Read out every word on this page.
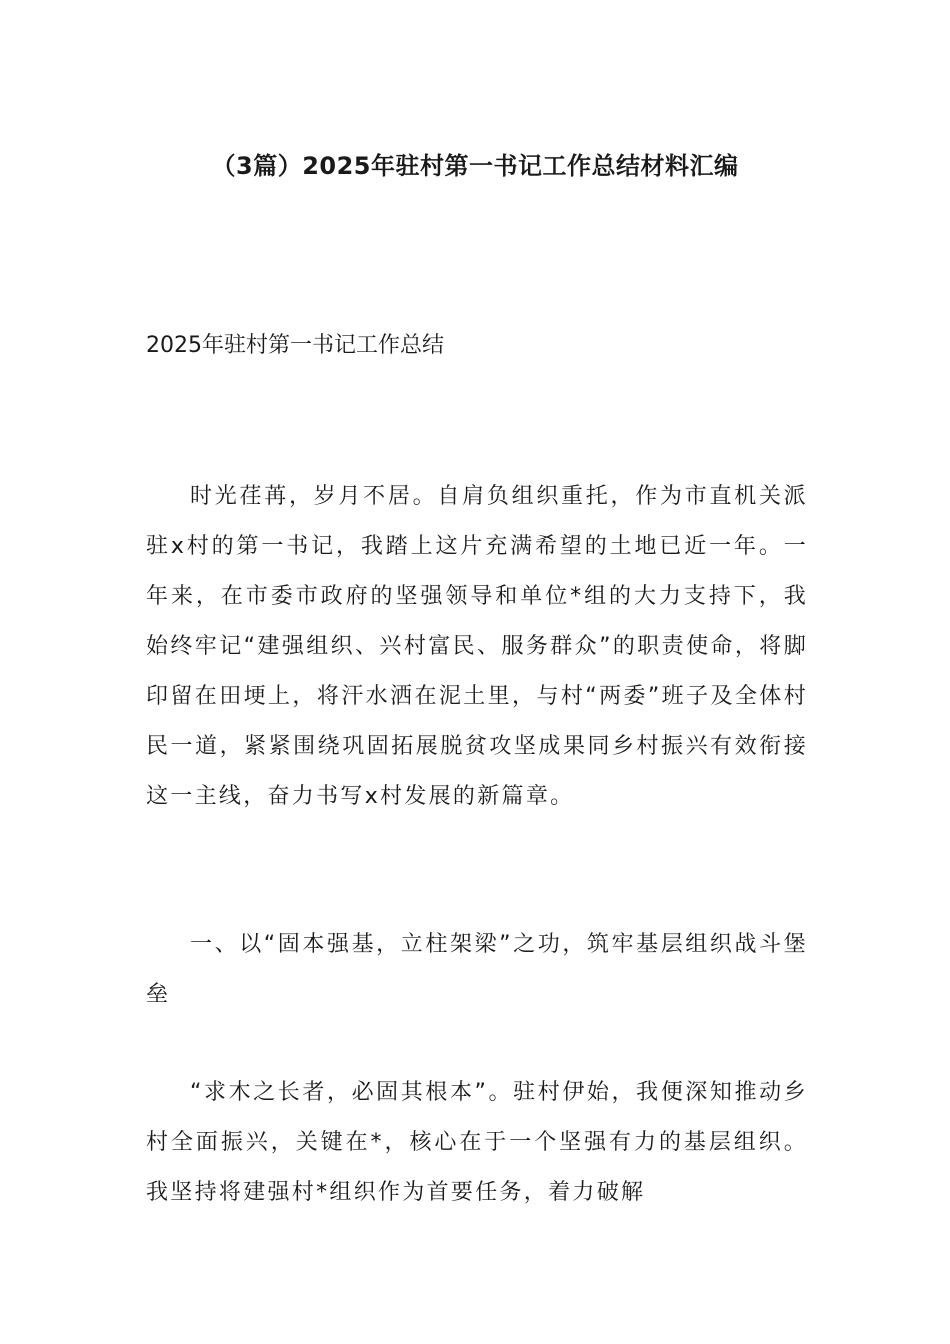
（3篇）2025年驻村第一书记工作总结材料汇编

2025年驻村第一书记工作总结

时光荏苒，岁月不居。自肩负组织重托，作为市直机关派驻x村的第一书记，我踏上这片充满希望的土地已近一年。一年来，在市委市政府的坚强领导和单位*组的大力支持下，我始终牢记“建强组织、兴村富民、服务群众”的职责使命，将脚印留在田埂上，将汗水洒在泥土里，与村“两委”班子及全体村民一道，紧紧围绕巩固拓展脱贫攻坚成果同乡村振兴有效衔接这一主线，奋力书写x村发展的新篇章。

一、以“固本强基，立柱架梁”之功，筑牢基层组织战斗堡垒

“求木之长者，必固其根本”。驻村伊始，我便深知推动乡村全面振兴，关键在*，核心在于一个坚强有力的基层组织。我坚持将建强村*组织作为首要任务，着力破解
